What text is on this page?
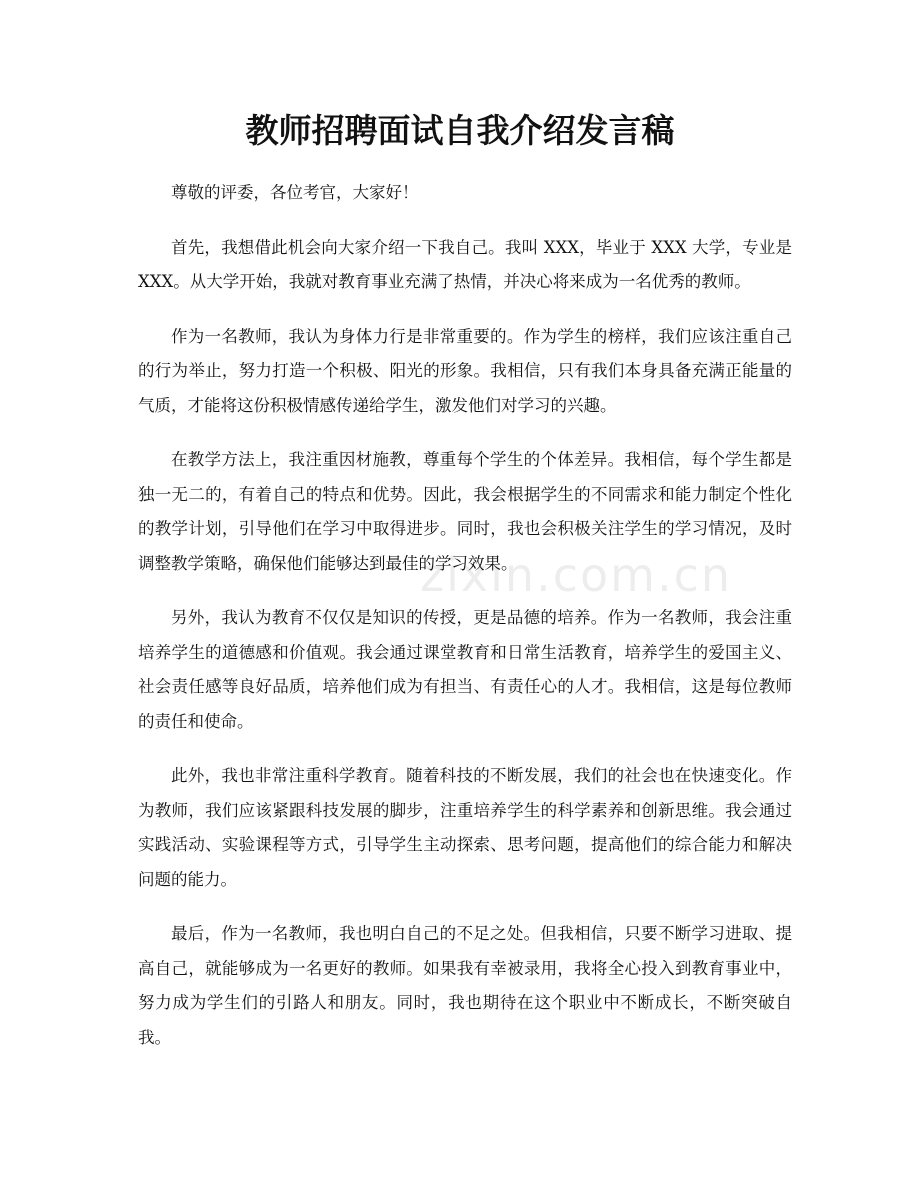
zixin.com.cn
教师招聘面试自我介绍发言稿

尊敬的评委，各位考官，大家好！

首先，我想借此机会向大家介绍一下我自己。我叫 XXX，毕业于 XXX 大学，专业是 XXX。从大学开始，我就对教育事业充满了热情，并决心将来成为一名优秀的教师。

作为一名教师，我认为身体力行是非常重要的。作为学生的榜样，我们应该注重自己的行为举止，努力打造一个积极、阳光的形象。我相信，只有我们本身具备充满正能量的气质，才能将这份积极情感传递给学生，激发他们对学习的兴趣。

在教学方法上，我注重因材施教，尊重每个学生的个体差异。我相信，每个学生都是独一无二的，有着自己的特点和优势。因此，我会根据学生的不同需求和能力制定个性化的教学计划，引导他们在学习中取得进步。同时，我也会积极关注学生的学习情况，及时调整教学策略，确保他们能够达到最佳的学习效果。

另外，我认为教育不仅仅是知识的传授，更是品德的培养。作为一名教师，我会注重培养学生的道德感和价值观。我会通过课堂教育和日常生活教育，培养学生的爱国主义、社会责任感等良好品质，培养他们成为有担当、有责任心的人才。我相信，这是每位教师的责任和使命。

此外，我也非常注重科学教育。随着科技的不断发展，我们的社会也在快速变化。作为教师，我们应该紧跟科技发展的脚步，注重培养学生的科学素养和创新思维。我会通过实践活动、实验课程等方式，引导学生主动探索、思考问题，提高他们的综合能力和解决问题的能力。

最后，作为一名教师，我也明白自己的不足之处。但我相信，只要不断学习进取、提高自己，就能够成为一名更好的教师。如果我有幸被录用，我将全心投入到教育事业中，努力成为学生们的引路人和朋友。同时，我也期待在这个职业中不断成长，不断突破自我。
